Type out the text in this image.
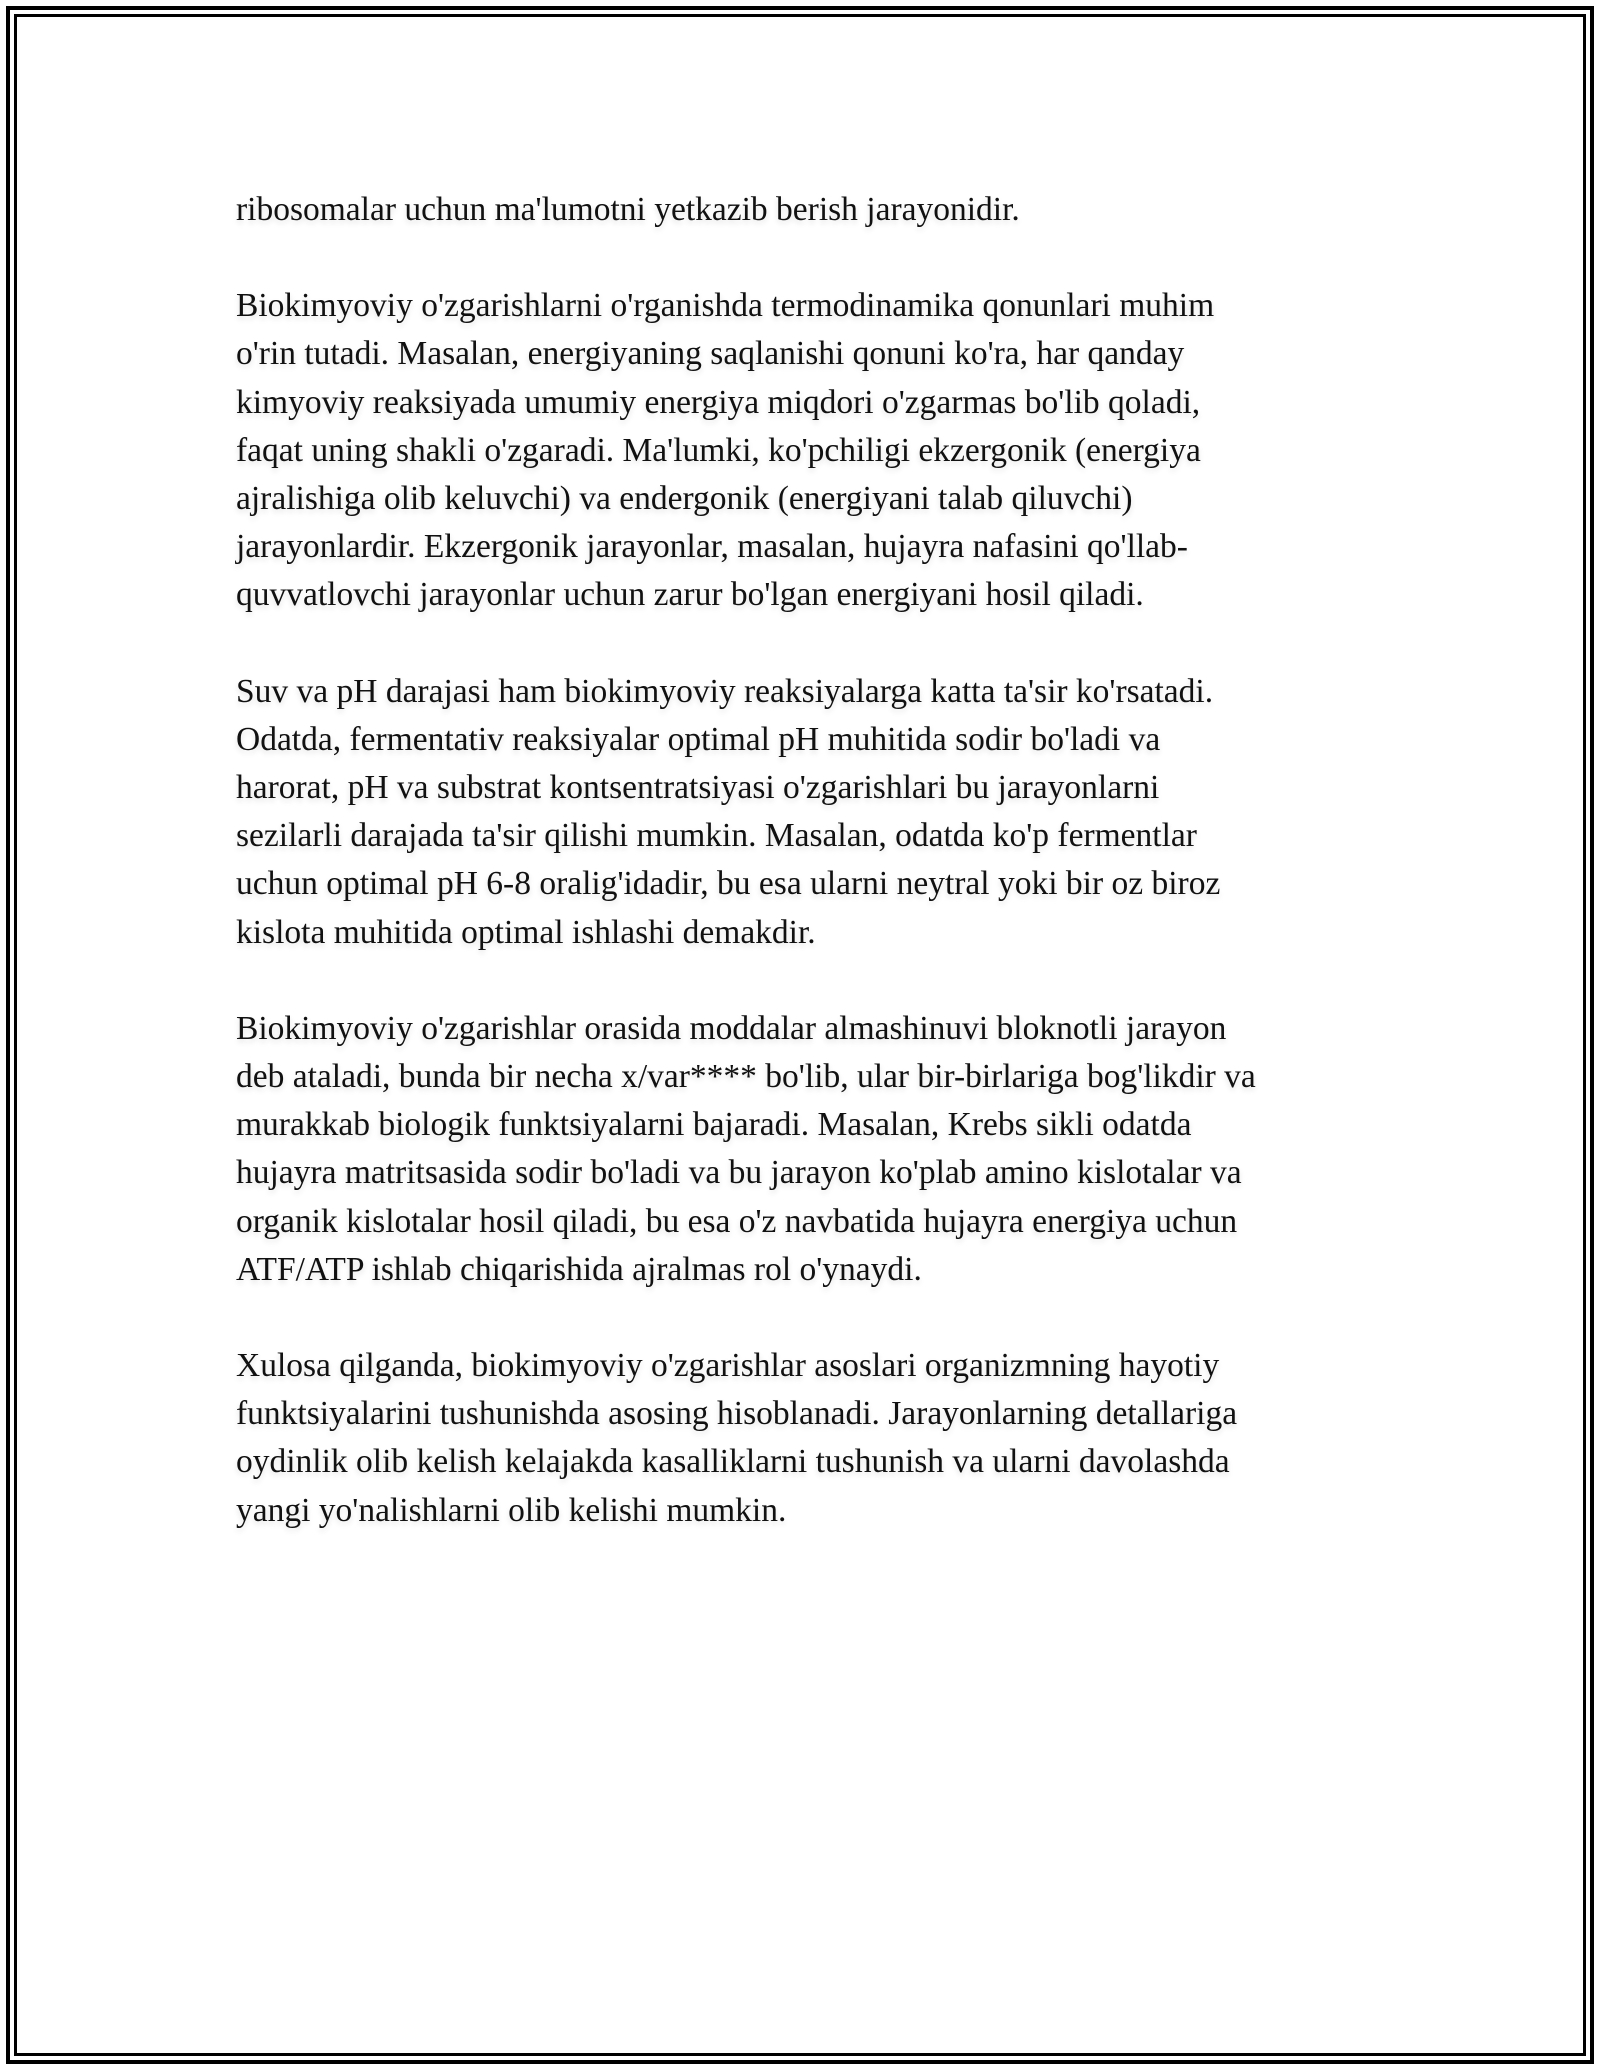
ribosomalar uchun ma'lumotni yetkazib berish jarayonidir.

Biokimyoviy o'zgarishlarni o'rganishda termodinamika qonunlari muhim
o'rin tutadi. Masalan, energiyaning saqlanishi qonuni ko'ra, har qanday
kimyoviy reaksiyada umumiy energiya miqdori o'zgarmas bo'lib qoladi,
faqat uning shakli o'zgaradi. Ma'lumki, ko'pchiligi ekzergonik (energiya
ajralishiga olib keluvchi) va endergonik (energiyani talab qiluvchi)
jarayonlardir. Ekzergonik jarayonlar, masalan, hujayra nafasini qo'llab-
quvvatlovchi jarayonlar uchun zarur bo'lgan energiyani hosil qiladi.

Suv va pH darajasi ham biokimyoviy reaksiyalarga katta ta'sir ko'rsatadi.
Odatda, fermentativ reaksiyalar optimal pH muhitida sodir bo'ladi va
harorat, pH va substrat kontsentratsiyasi o'zgarishlari bu jarayonlarni
sezilarli darajada ta'sir qilishi mumkin. Masalan, odatda ko'p fermentlar
uchun optimal pH 6-8 oralig'idadir, bu esa ularni neytral yoki bir oz biroz
kislota muhitida optimal ishlashi demakdir.

Biokimyoviy o'zgarishlar orasida moddalar almashinuvi bloknotli jarayon
deb ataladi, bunda bir necha x/var**** bo'lib, ular bir-birlariga bog'likdir va
murakkab biologik funktsiyalarni bajaradi. Masalan, Krebs sikli odatda
hujayra matritsasida sodir bo'ladi va bu jarayon ko'plab amino kislotalar va
organik kislotalar hosil qiladi, bu esa o'z navbatida hujayra energiya uchun
ATF/ATP ishlab chiqarishida ajralmas rol o'ynaydi.

Xulosa qilganda, biokimyoviy o'zgarishlar asoslari organizmning hayotiy
funktsiyalarini tushunishda asosing hisoblanadi. Jarayonlarning detallariga
oydinlik olib kelish kelajakda kasalliklarni tushunish va ularni davolashda
yangi yo'nalishlarni olib kelishi mumkin.
